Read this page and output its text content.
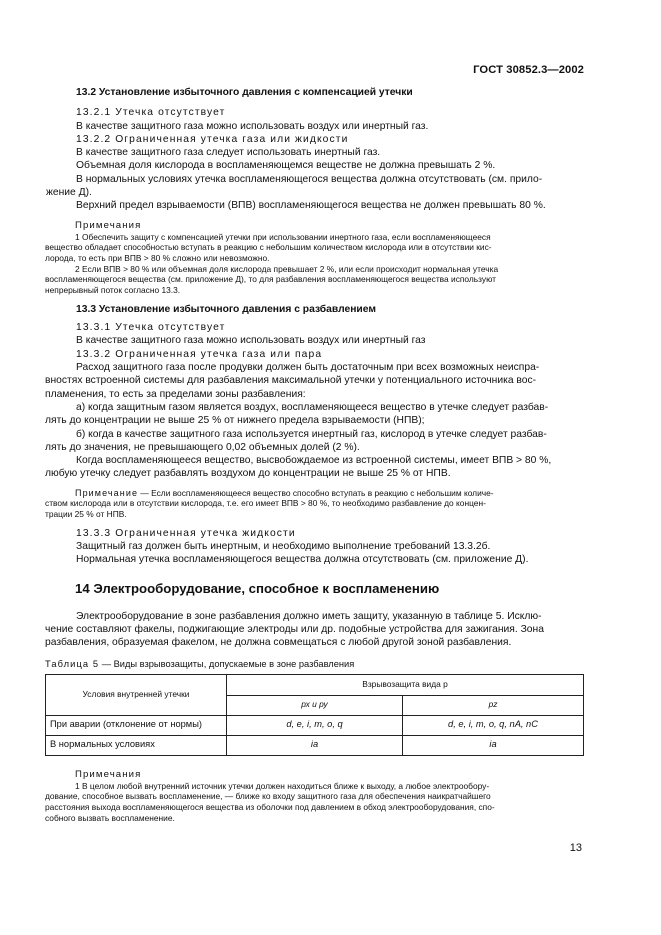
ГОСТ 30852.3—2002

13.2 Установление избыточного давления с компенсацией утечки

13.2.1 Утечка отсутствует

В качестве защитного газа можно использовать воздух или инертный газ.

13.2.2 Ограниченная утечка газа или жидкости

В качестве защитного газа следует использовать инертный газ.

Объемная доля кислорода в воспламеняющемся веществе не должна превышать 2 %.

В нормальных условиях утечка воспламеняющегося вещества должна отсутствовать (см. прило-

жение Д).

Верхний предел взрываемости (ВПВ) воспламеняющегося вещества не должен превышать 80 %.

Примечания

1 Обеспечить защиту с компенсацией утечки при использовании инертного газа, если воспламеняющееся

вещество обладает способностью вступать в реакцию с небольшим количеством кислорода или в отсутствии кис-

лорода, то есть при ВПВ > 80 % сложно или невозможно.

2 Если ВПВ > 80 % или объемная доля кислорода превышает 2 %, или если происходит нормальная утечка

воспламеняющегося вещества (см. приложение Д), то для разбавления воспламеняющегося вещества используют

непрерывный поток согласно 13.3.

13.3 Установление избыточного давления с разбавлением

13.3.1 Утечка отсутствует

В качестве защитного газа можно использовать воздух или инертный газ

13.3.2 Ограниченная утечка газа или пара

Расход защитного газа после продувки должен быть достаточным при всех возможных неиспра-

вностях встроенной системы для разбавления максимальной утечки у потенциального источника вос-

пламенения, то есть за пределами зоны разбавления:

а) когда защитным газом является воздух, воспламеняющееся вещество в утечке следует разбав-

лять до концентрации не выше 25 % от нижнего предела взрываемости (НПВ);

б) когда в качестве защитного газа используется инертный газ, кислород в утечке следует разбав-

лять до значения, не превышающего 0,02 объемных долей (2 %).

Когда воспламеняющееся вещество, высвобождаемое из встроенной системы, имеет ВПВ > 80 %,

любую утечку следует разбавлять воздухом до концентрации не выше 25 % от НПВ.

Примечание — Если воспламеняющееся вещество способно вступать в реакцию с небольшим количе-

ством кислорода или в отсутствии кислорода, т.е. его имеет ВПВ > 80 %, то необходимо разбавление до концен-

трации 25 % от НПВ.

13.3.3 Ограниченная утечка жидкости

Защитный газ должен быть инертным, и необходимо выполнение требований 13.3.2б.

Нормальная утечка воспламеняющегося вещества должна отсутствовать (см. приложение Д).

14 Электрооборудование, способное к воспламенению

Электрооборудование в зоне разбавления должно иметь защиту, указанную в таблице 5. Исклю-

чение составляют факелы, поджигающие электроды или др. подобные устройства для зажигания. Зона

разбавления, образуемая факелом, не должна совмещаться с любой другой зоной разбавления.

Таблица 5 — Виды взрывозащиты, допускаемые в зоне разбавления

Условия внутренней утечки	Взрывозащита вида р	
	рх и ру	pz
При аварии (отклонение от нормы)	d, e, i, m, o, q	d, e, i, m, o, q, nA, nC
В нормальных условиях	ia	ia

Примечания

1 В целом любой внутренний источник утечки должен находиться ближе к выходу, а любое электрообору-

дование, способное вызвать воспламенение, — ближе ко входу защитного газа для обеспечения наикратчайшего

расстояния выхода воспламеняющегося вещества из оболочки под давлением в обход электрооборудования, спо-

собного вызвать воспламенение.

13
